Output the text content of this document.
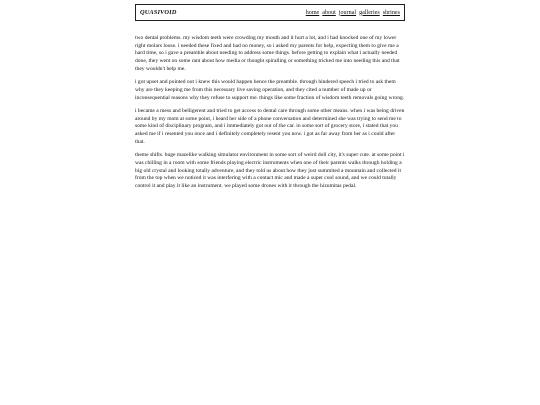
QUASIVOID	home about journal galleries shrines

two dental problems. my wisdom teeth were crowding my mouth and it hurt a lot, and i had knocked one of my lower right molars loose. i needed these fixed and had no money, so i asked my parents for help, expecting them to give me a hard time, so i gave a preamble about needing to address some things. before getting to explain what i actually needed done, they went on some rant about how media or thought spiralling or something tricked me into needing this and that they wouldn't help me.

i got upset and pointed out i knew this would happen hence the preamble. through hindered speech i tried to ask them why are they keeping me from this necessary live saving operation, and they cited a number of made up or inconsequential reasons why they refuse to support me. things like some fraction of wisdom teeth removals going wrong.

i became a mess and belligerent and tried to get access to dental care through some other means. when i was being driven around by my mom at some point, i heard her side of a phone conversation and determined she was trying to send me to some kind of disciplinary program, and i immediately got out of the car. in some sort of grocery store, i stated that you asked me if i resented you once and i definitely completely resent you now. i got as far away from her as i could after that.

theme shifts. huge mazelike walking simulator environment in some sort of weird doll city, it's super cute. at some point i was chilling in a room with some friends playing electric instruments when one of their parents walks through holding a big old crystal and looking totally adventure, and they told us about how they just summited a mountain and collected it from the top when we noticed it was interfering with a contact mic and made a super cool sound, and we could totally control it and play it like an instrument. we played some drones with it through the hizumitas pedal.
